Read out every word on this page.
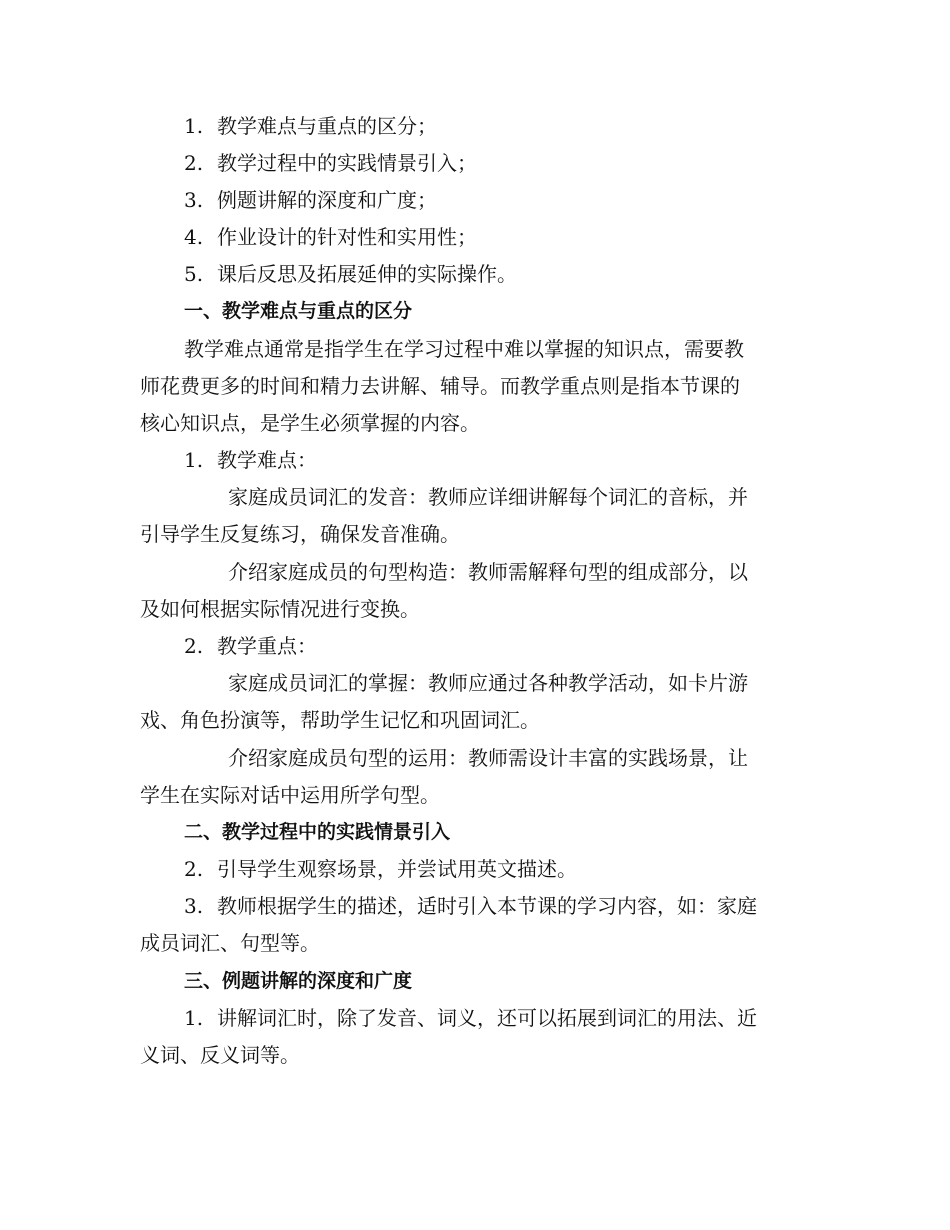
1. 教学难点与重点的区分；
2. 教学过程中的实践情景引入；
3. 例题讲解的深度和广度；
4. 作业设计的针对性和实用性；
5. 课后反思及拓展延伸的实际操作。
一、教学难点与重点的区分
教学难点通常是指学生在学习过程中难以掌握的知识点，需要教
师花费更多的时间和精力去讲解、辅导。而教学重点则是指本节课的
核心知识点，是学生必须掌握的内容。
1. 教学难点：
家庭成员词汇的发音：教师应详细讲解每个词汇的音标，并
引导学生反复练习，确保发音准确。
介绍家庭成员的句型构造：教师需解释句型的组成部分，以
及如何根据实际情况进行变换。
2. 教学重点：
家庭成员词汇的掌握：教师应通过各种教学活动，如卡片游
戏、角色扮演等，帮助学生记忆和巩固词汇。
介绍家庭成员句型的运用：教师需设计丰富的实践场景，让
学生在实际对话中运用所学句型。
二、教学过程中的实践情景引入
2. 引导学生观察场景，并尝试用英文描述。
3. 教师根据学生的描述，适时引入本节课的学习内容，如：家庭
成员词汇、句型等。
三、例题讲解的深度和广度
1. 讲解词汇时，除了发音、词义，还可以拓展到词汇的用法、近
义词、反义词等。
